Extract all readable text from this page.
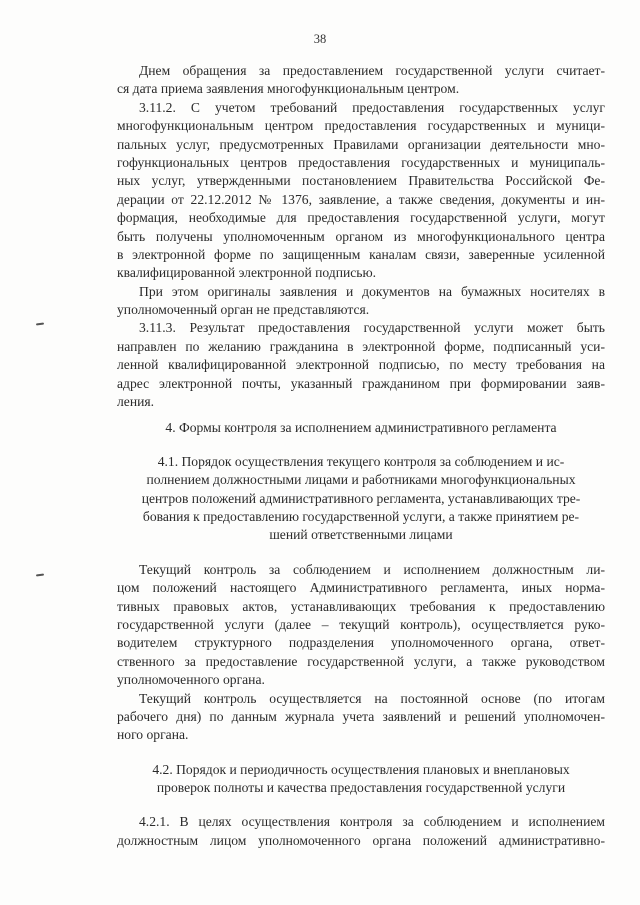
38
Днем обращения за предоставлением государственной услуги считает-
ся дата приема заявления многофункциональным центром.
3.11.2. С учетом требований предоставления государственных услуг
многофункциональным центром предоставления государственных и муници-
пальных услуг, предусмотренных Правилами организации деятельности мно-
гофункциональных центров предоставления государственных и муниципаль-
ных услуг, утвержденными постановлением Правительства Российской Фе-
дерации от 22.12.2012 № 1376, заявление, а также сведения, документы и ин-
формация, необходимые для предоставления государственной услуги, могут
быть получены уполномоченным органом из многофункционального центра
в электронной форме по защищенным каналам связи, заверенные усиленной
квалифицированной электронной подписью.
При этом оригиналы заявления и документов на бумажных носителях в
уполномоченный орган не представляются.
3.11.3. Результат предоставления государственной услуги может быть
направлен по желанию гражданина в электронной форме, подписанный уси-
ленной квалифицированной электронной подписью, по месту требования на
адрес электронной почты, указанный гражданином при формировании заяв-
ления.
4. Формы контроля за исполнением административного регламента
4.1. Порядок осуществления текущего контроля за соблюдением и ис-
полнением должностными лицами и работниками многофункциональных
центров положений административного регламента, устанавливающих тре-
бования к предоставлению государственной услуги, а также принятием ре-
шений ответственными лицами
Текущий контроль за соблюдением и исполнением должностным ли-
цом положений настоящего Административного регламента, иных норма-
тивных правовых актов, устанавливающих требования к предоставлению
государственной услуги (далее – текущий контроль), осуществляется руко-
водителем структурного подразделения уполномоченного органа, ответ-
ственного за предоставление государственной услуги, а также руководством
уполномоченного органа.
Текущий контроль осуществляется на постоянной основе (по итогам
рабочего дня) по данным журнала учета заявлений и решений уполномочен-
ного органа.
4.2. Порядок и периодичность осуществления плановых и внеплановых
проверок полноты и качества предоставления государственной услуги
4.2.1. В целях осуществления контроля за соблюдением и исполнением
должностным лицом уполномоченного органа положений административно-
